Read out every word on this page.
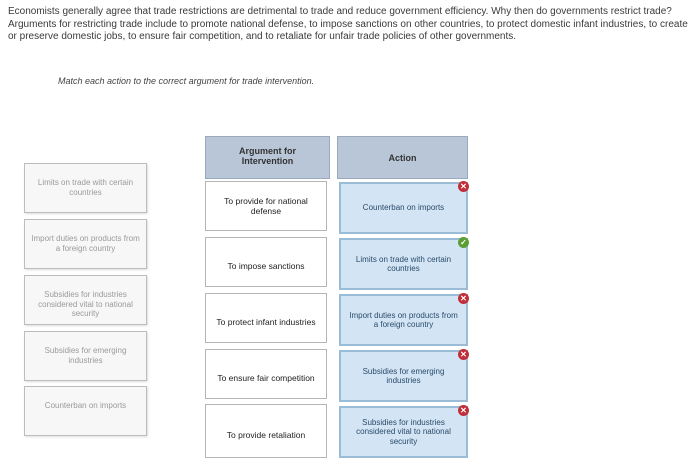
Economists generally agree that trade restrictions are detrimental to trade and reduce government efficiency. Why then do governments restrict trade? Arguments for restricting trade include to promote national defense, to impose sanctions on other countries, to protect domestic infant industries, to create or preserve domestic jobs, to ensure fair competition, and to retaliate for unfair trade policies of other governments.
Match each action to the correct argument for trade intervention.
Limits on trade with certain countries
Import duties on products from a foreign country
Subsidies for industries considered vital to national security
Subsidies for emerging industries
Counterban on imports
Argument for Intervention	Action
To provide for national defense	Counterban on imports
✕
To impose sanctions
Limits on trade with certain countries
✓
To protect infant industries
Import duties on products from a foreign country
✕
To ensure fair competition
Subsidies for emerging industries
✕
To provide retaliation
Subsidies for industries considered vital to national security
✕
